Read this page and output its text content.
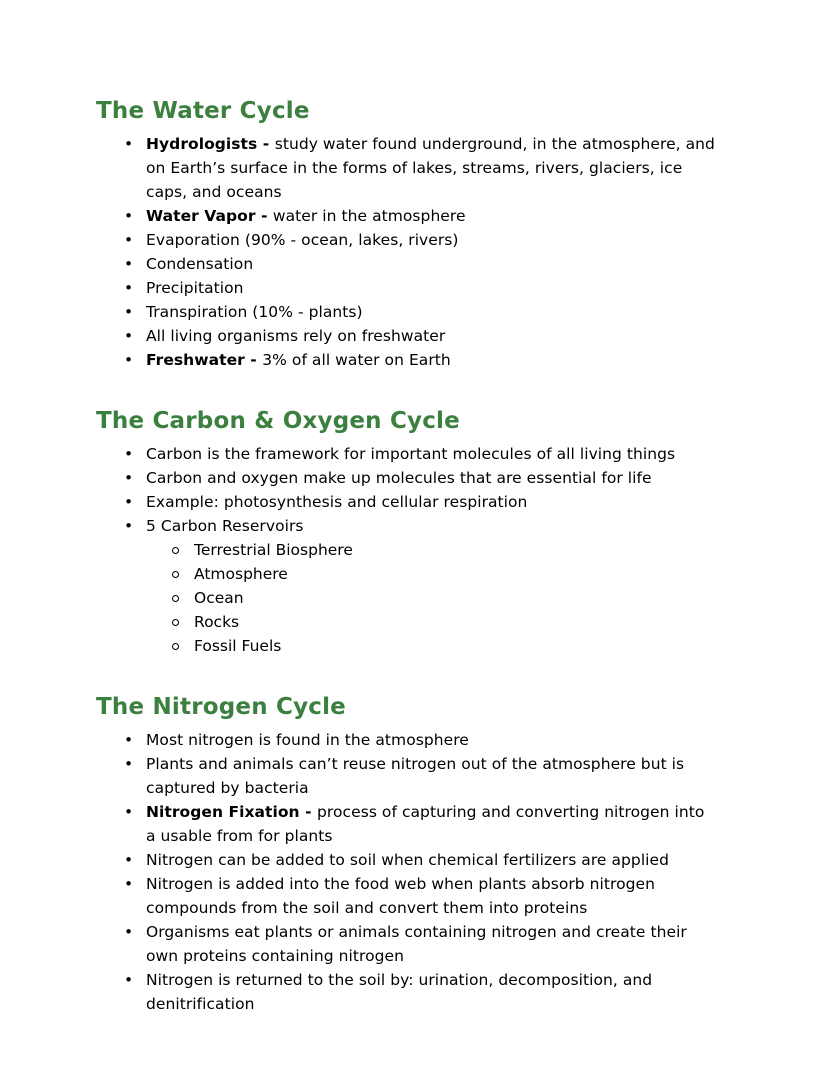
The Water Cycle
• Hydrologists - study water found underground, in the atmosphere, and on Earth’s surface in the forms of lakes, streams, rivers, glaciers, ice caps, and oceans
• Water Vapor - water in the atmosphere
• Evaporation (90% - ocean, lakes, rivers)
• Condensation
• Precipitation
• Transpiration (10% - plants)
• All living organisms rely on freshwater
• Freshwater - 3% of all water on Earth
The Carbon & Oxygen Cycle
• Carbon is the framework for important molecules of all living things
• Carbon and oxygen make up molecules that are essential for life
• Example: photosynthesis and cellular respiration
• 5 Carbon Reservoirs
Terrestrial Biosphere
Atmosphere
Ocean
Rocks
Fossil Fuels
The Nitrogen Cycle
• Most nitrogen is found in the atmosphere
• Plants and animals can’t reuse nitrogen out of the atmosphere but is captured by bacteria
• Nitrogen Fixation - process of capturing and converting nitrogen into a usable from for plants
• Nitrogen can be added to soil when chemical fertilizers are applied
• Nitrogen is added into the food web when plants absorb nitrogen compounds from the soil and convert them into proteins
• Organisms eat plants or animals containing nitrogen and create their own proteins containing nitrogen
• Nitrogen is returned to the soil by: urination, decomposition, and denitrification
